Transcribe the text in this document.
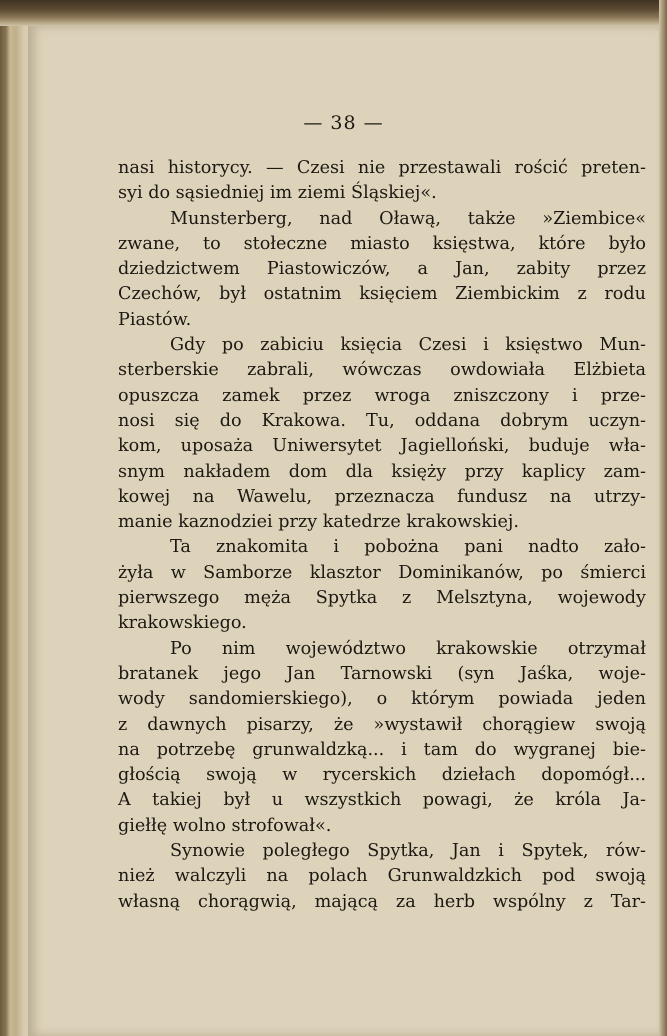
— 38 —
nasi historycy. — Czesi nie przestawali rościć preten-
syi do sąsiedniej im ziemi Śląskiej«.
Munsterberg, nad Oławą, także »Ziembice«
zwane, to stołeczne miasto księstwa, które było
dziedzictwem Piastowiczów, a Jan, zabity przez
Czechów, był ostatnim księciem Ziembickim z rodu
Piastów.
Gdy po zabiciu księcia Czesi i księstwo Mun-
sterberskie zabrali, wówczas owdowiała Elżbieta
opuszcza zamek przez wroga zniszczony i prze-
nosi się do Krakowa. Tu, oddana dobrym uczyn-
kom, uposaża Uniwersytet Jagielloński, buduje wła-
snym nakładem dom dla księży przy kaplicy zam-
kowej na Wawelu, przeznacza fundusz na utrzy-
manie kaznodziei przy katedrze krakowskiej.
Ta znakomita i pobożna pani nadto zało-
żyła w Samborze klasztor Dominikanów, po śmierci
pierwszego męża Spytka z Melsztyna, wojewody
krakowskiego.
Po nim województwo krakowskie otrzymał
bratanek jego Jan Tarnowski (syn Jaśka, woje-
wody sandomierskiego), o którym powiada jeden
z dawnych pisarzy, że »wystawił chorągiew swoją
na potrzebę grunwaldzką... i tam do wygranej bie-
głością swoją w rycerskich dziełach dopomógł...
A takiej był u wszystkich powagi, że króla Ja-
giełłę wolno strofował«.
Synowie poległego Spytka, Jan i Spytek, rów-
nież walczyli na polach Grunwaldzkich pod swoją
własną chorągwią, mającą za herb wspólny z Tar-
